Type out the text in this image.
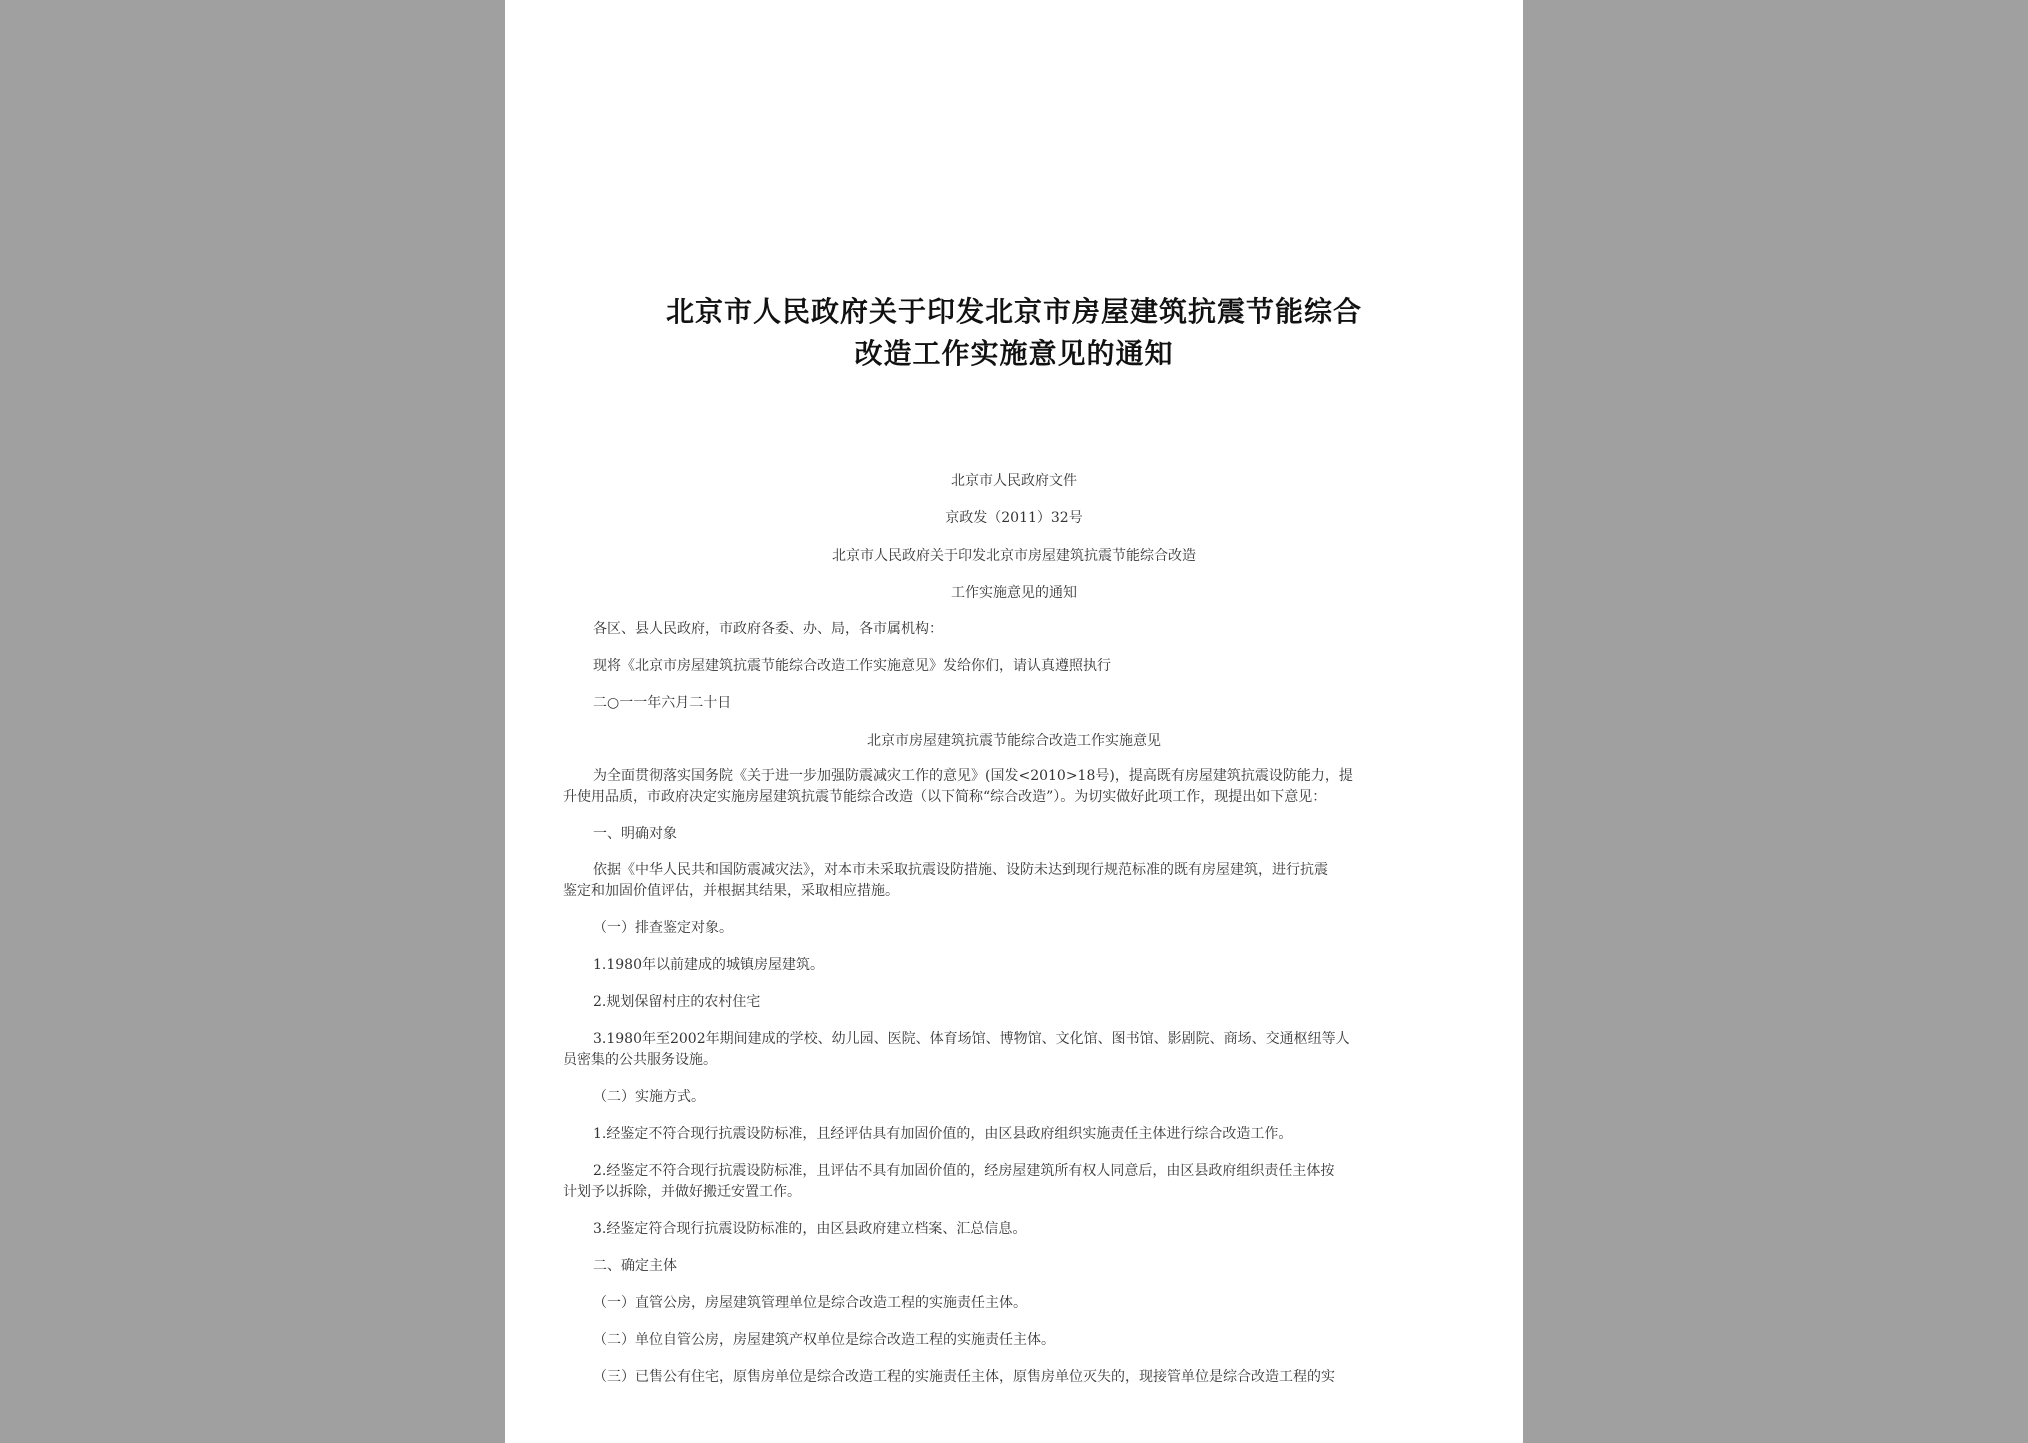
北京市人民政府关于印发北京市房屋建筑抗震节能综合
改造工作实施意见的通知
北京市人民政府文件
京政发（2011）32号
北京市人民政府关于印发北京市房屋建筑抗震节能综合改造
工作实施意见的通知
各区、县人民政府，市政府各委、办、局，各市属机构：
现将《北京市房屋建筑抗震节能综合改造工作实施意见》发给你们，请认真遵照执行
二○一一年六月二十日
北京市房屋建筑抗震节能综合改造工作实施意见
为全面贯彻落实国务院《关于进一步加强防震减灾工作的意见》(国发<2010>18号)，提高既有房屋建筑抗震设防能力，提
升使用品质，市政府决定实施房屋建筑抗震节能综合改造（以下简称“综合改造”）。为切实做好此项工作，现提出如下意见：
一、明确对象
依据《中华人民共和国防震减灾法》，对本市未采取抗震设防措施、设防未达到现行规范标准的既有房屋建筑，进行抗震
鉴定和加固价值评估，并根据其结果，采取相应措施。
（一）排查鉴定对象。
1.1980年以前建成的城镇房屋建筑。
2.规划保留村庄的农村住宅
3.1980年至2002年期间建成的学校、幼儿园、医院、体育场馆、博物馆、文化馆、图书馆、影剧院、商场、交通枢纽等人
员密集的公共服务设施。
（二）实施方式。
1.经鉴定不符合现行抗震设防标准，且经评估具有加固价值的，由区县政府组织实施责任主体进行综合改造工作。
2.经鉴定不符合现行抗震设防标准，且评估不具有加固价值的，经房屋建筑所有权人同意后，由区县政府组织责任主体按
计划予以拆除，并做好搬迁安置工作。
3.经鉴定符合现行抗震设防标准的，由区县政府建立档案、汇总信息。
二、确定主体
（一）直管公房，房屋建筑管理单位是综合改造工程的实施责任主体。
（二）单位自管公房，房屋建筑产权单位是综合改造工程的实施责任主体。
（三）已售公有住宅，原售房单位是综合改造工程的实施责任主体，原售房单位灭失的，现接管单位是综合改造工程的实
